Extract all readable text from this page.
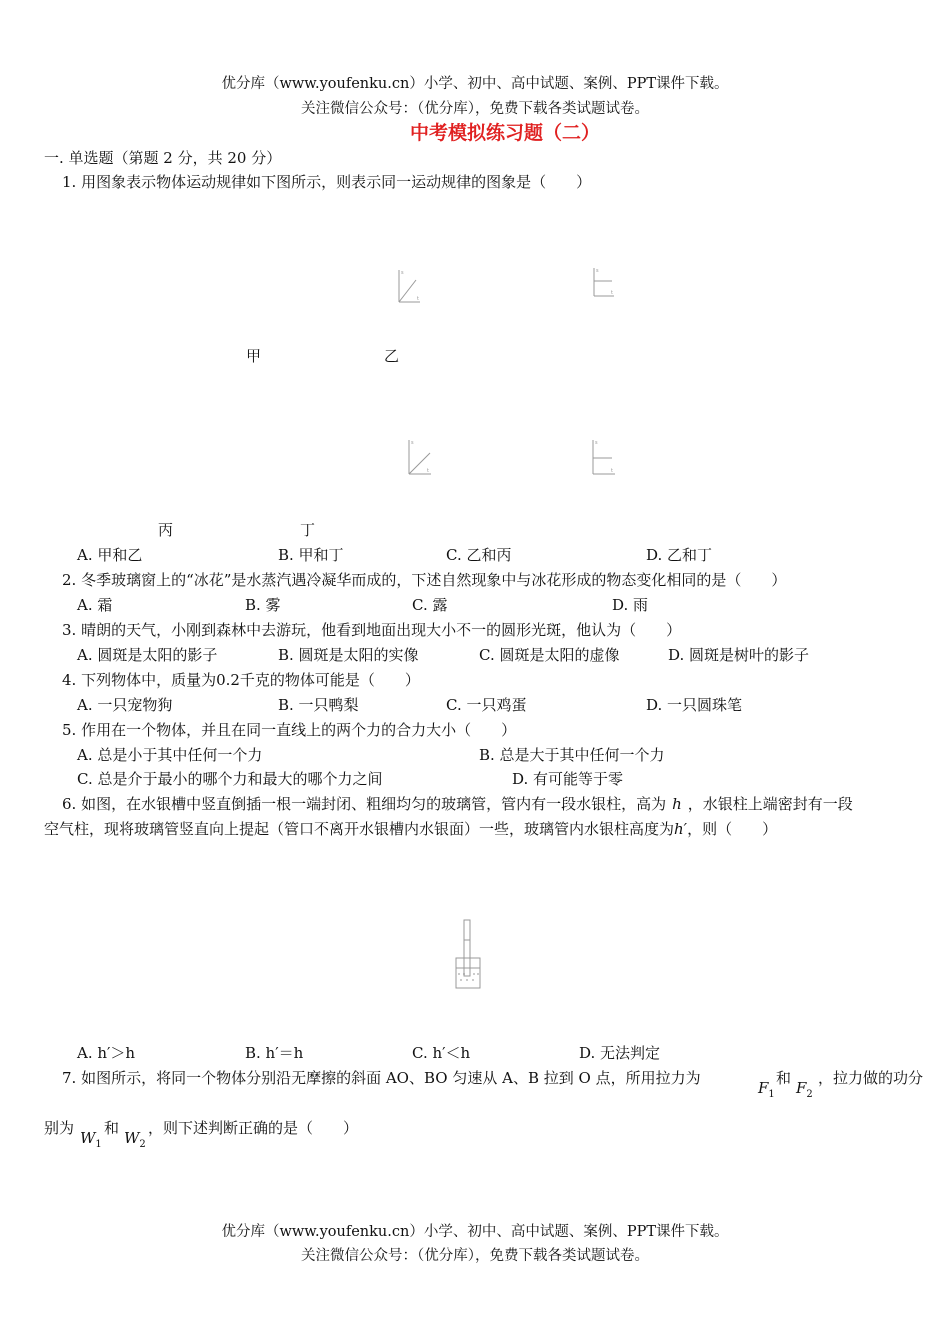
优分库（www.youfenku.cn）小学、初中、高中试题、案例、PPT课件下载。
关注微信公众号：（优分库），免费下载各类试题试卷。
中考模拟练习题（二）
一. 单选题（第题 2 分，共 20 分）
1. 用图象表示物体运动规律如下图所示，则表示同一运动规律的图象是（　　）
s
t
s
t
甲	乙
s
t
s
t
丙	丁
A. 甲和乙	B. 甲和丁	C. 乙和丙	D. 乙和丁
2. 冬季玻璃窗上的“冰花”是水蒸汽遇冷凝华而成的，下述自然现象中与冰花形成的物态变化相同的是（　　）
A. 霜	B. 雾	C. 露	D. 雨
3. 晴朗的天气，小刚到森林中去游玩，他看到地面出现大小不一的圆形光斑，他认为（　　）
A. 圆斑是太阳的影子	B. 圆斑是太阳的实像	C. 圆斑是太阳的虚像	D. 圆斑是树叶的影子
4. 下列物体中，质量为0.2千克的物体可能是（　　）
A. 一只宠物狗	B. 一只鸭梨	C. 一只鸡蛋	D. 一只圆珠笔
5. 作用在一个物体，并且在同一直线上的两个力的合力大小（　　）
A. 总是小于其中任何一个力	B. 总是大于其中任何一个力
C. 总是介于最小的哪个力和最大的哪个力之间	D. 有可能等于零
6. 如图，在水银槽中竖直倒插一根一端封闭、粗细均匀的玻璃管，管内有一段水银柱，高为 h ，水银柱上端密封有一段
空气柱，现将玻璃管竖直向上提起（管口不离开水银槽内水银面）一些，玻璃管内水银柱高度为h′，则（　　）
A. h′＞h	B. h′＝h	C. h′＜h	D. 无法判定
7. 如图所示，将同一个物体分别沿无摩擦的斜面 AO、BO 匀速从 A、B 拉到 O 点，所用拉力为
$F_1$
和
$F_2$
，拉力做的功分
别为
$W_1$
和
$W_2$
，则下述判断正确的是（　　）
优分库（www.youfenku.cn）小学、初中、高中试题、案例、PPT课件下载。
关注微信公众号：（优分库），免费下载各类试题试卷。
